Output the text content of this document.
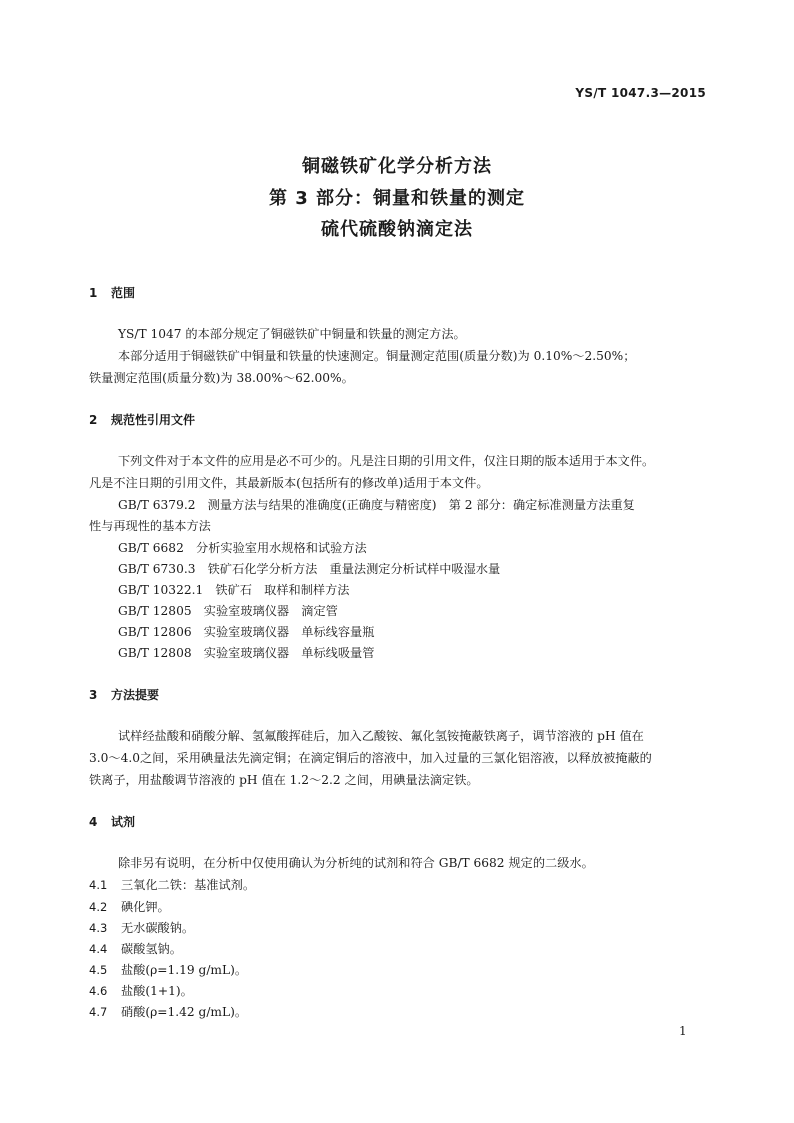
YS/T 1047.3—2015
铜磁铁矿化学分析方法
第 3 部分：铜量和铁量的测定
硫代硫酸钠滴定法
1 范围
YS/T 1047 的本部分规定了铜磁铁矿中铜量和铁量的测定方法。
本部分适用于铜磁铁矿中铜量和铁量的快速测定。铜量测定范围(质量分数)为 0.10%～2.50%；
铁量测定范围(质量分数)为 38.00%～62.00%。
2 规范性引用文件
下列文件对于本文件的应用是必不可少的。凡是注日期的引用文件，仅注日期的版本适用于本文件。
凡是不注日期的引用文件，其最新版本(包括所有的修改单)适用于本文件。
GB/T 6379.2　测量方法与结果的准确度(正确度与精密度)　第 2 部分：确定标准测量方法重复
性与再现性的基本方法
GB/T 6682　分析实验室用水规格和试验方法
GB/T 6730.3　铁矿石化学分析方法　重量法测定分析试样中吸湿水量
GB/T 10322.1　铁矿石　取样和制样方法
GB/T 12805　实验室玻璃仪器　滴定管
GB/T 12806　实验室玻璃仪器　单标线容量瓶
GB/T 12808　实验室玻璃仪器　单标线吸量管
3 方法提要
试样经盐酸和硝酸分解、氢氟酸挥硅后，加入乙酸铵、氟化氢铵掩蔽铁离子，调节溶液的 pH 值在
3.0～4.0之间，采用碘量法先滴定铜；在滴定铜后的溶液中，加入过量的三氯化铝溶液，以释放被掩蔽的
铁离子，用盐酸调节溶液的 pH 值在 1.2～2.2 之间，用碘量法滴定铁。
4 试剂
除非另有说明，在分析中仅使用确认为分析纯的试剂和符合 GB/T 6682 规定的二级水。
4.1 三氧化二铁：基准试剂。
4.2 碘化钾。
4.3 无水碳酸钠。
4.4 碳酸氢钠。
4.5 盐酸(ρ=1.19 g/mL)。
4.6 盐酸(1+1)。
4.7 硝酸(ρ=1.42 g/mL)。
1
